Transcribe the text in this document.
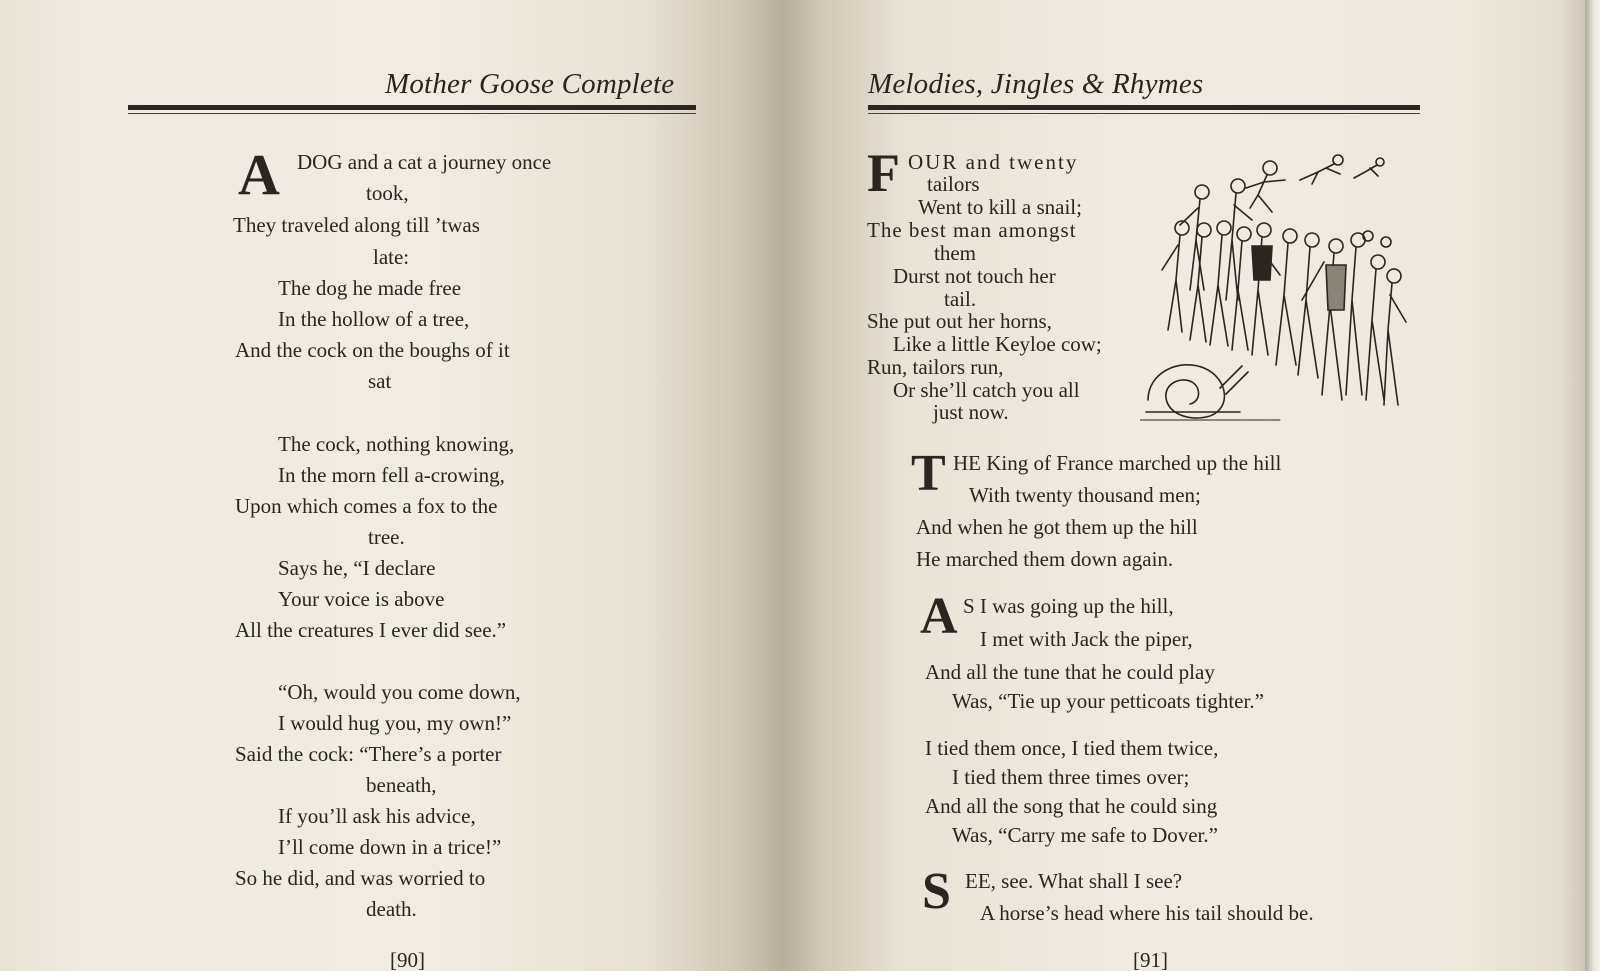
Mother Goose Complete
A DOG and a cat a journey once
took,
They traveled along till ’twas
late:
The dog he made free
In the hollow of a tree,
And the cock on the boughs of it
sat
The cock, nothing knowing,
In the morn fell a-crowing,
Upon which comes a fox to the
tree.
Says he, “I declare
Your voice is above
All the creatures I ever did see.”
“Oh, would you come down,
I would hug you, my own!”
Said the cock: “There’s a porter
beneath,
If you’ll ask his advice,
I’ll come down in a trice!”
So he did, and was worried to
death.
[90]
Melodies, Jingles & Rhymes
F OUR and twenty
tailors
Went to kill a snail;
The best man amongst
them
Durst not touch her
tail.
She put out her horns,
Like a little Keyloe cow;
Run, tailors run,
Or she’ll catch you all
just now.
T HE King of France marched up the hill
With twenty thousand men;
And when he got them up the hill
He marched them down again.
A S I was going up the hill,
I met with Jack the piper,
And all the tune that he could play
Was, “Tie up your petticoats tighter.”
I tied them once, I tied them twice,
I tied them three times over;
And all the song that he could sing
Was, “Carry me safe to Dover.”
S EE, see. What shall I see?
A horse’s head where his tail should be.
[91]
